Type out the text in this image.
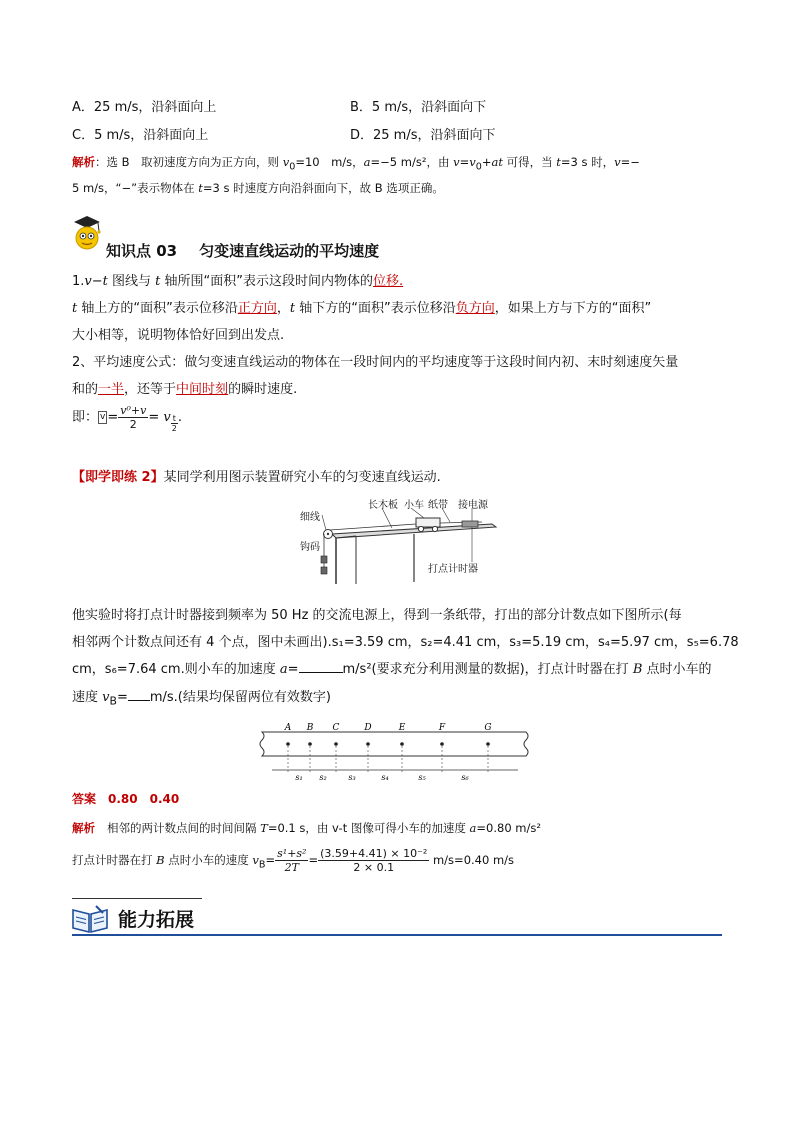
A．25 m/s，沿斜面向上	B．5 m/s，沿斜面向下
C．5 m/s，沿斜面向上	D．25 m/s，沿斜面向下
解析：选 B　取初速度方向为正方向，则 $v_0=10$　m/s，a=−5 m/s²，由 $v=v_0+at$ 可得，当 t=3 s 时，v=−
5 m/s，“−”表示物体在 t=3 s 时速度方向沿斜面向下，故 B 选项正确。
知识点 03 匀变速直线运动的平均速度
1.v−t 图线与 t 轴所围“面积”表示这段时间内物体的位移.
t 轴上方的“面积”表示位移沿正方向，t 轴下方的“面积”表示位移沿负方向，如果上方与下方的“面积”
大小相等，说明物体恰好回到出发点.
2、平均速度公式：做匀变速直线运动的物体在一段时间内的平均速度等于这段时间内初、末时刻速度矢量
和的一半，还等于中间时刻的瞬时速度.
即： $v = \frac{\text{v⁰+v}}{2} = v \frac{t}{2}$ .
【即学即练 2】某同学利用图示装置研究小车的匀变速直线运动.
细线
长木板 小车 纸带 接电源
钩码
打点计时器
他实验时将打点计时器接到频率为 50 Hz 的交流电源上，得到一条纸带，打出的部分计数点如下图所示(每
相邻两个计数点间还有 4 个点，图中未画出).s₁=3.59 cm，s₂=4.41 cm，s₃=5.19 cm，s₄=5.97 cm，s₅=6.78
cm，s₆=7.64 cm.则小车的加速度 a=	m/s²(要求充分利用测量的数据)，打点计时器在打 B 点时小车的
速度 $v_B= m/s$.(结果均保留两位有效数字)
A B C	D	E	F	G
s₁ s₂	s₃	s₄	s₅	s₆
答案 0.80　0.40
解析 相邻的两计数点间的时间间隔 T=0.1 s，由 v-t 图像可得小车的加速度 a=0.80 m/s²
打点计时器在打 B 点时小车的速度 $v_B= \frac{\text{s¹+s²}}{2T} = \frac{\text{(3.59+4.41) × 10⁻²}}{2 \times 0.1} m/s=0.40$ m/s
能力拓展
